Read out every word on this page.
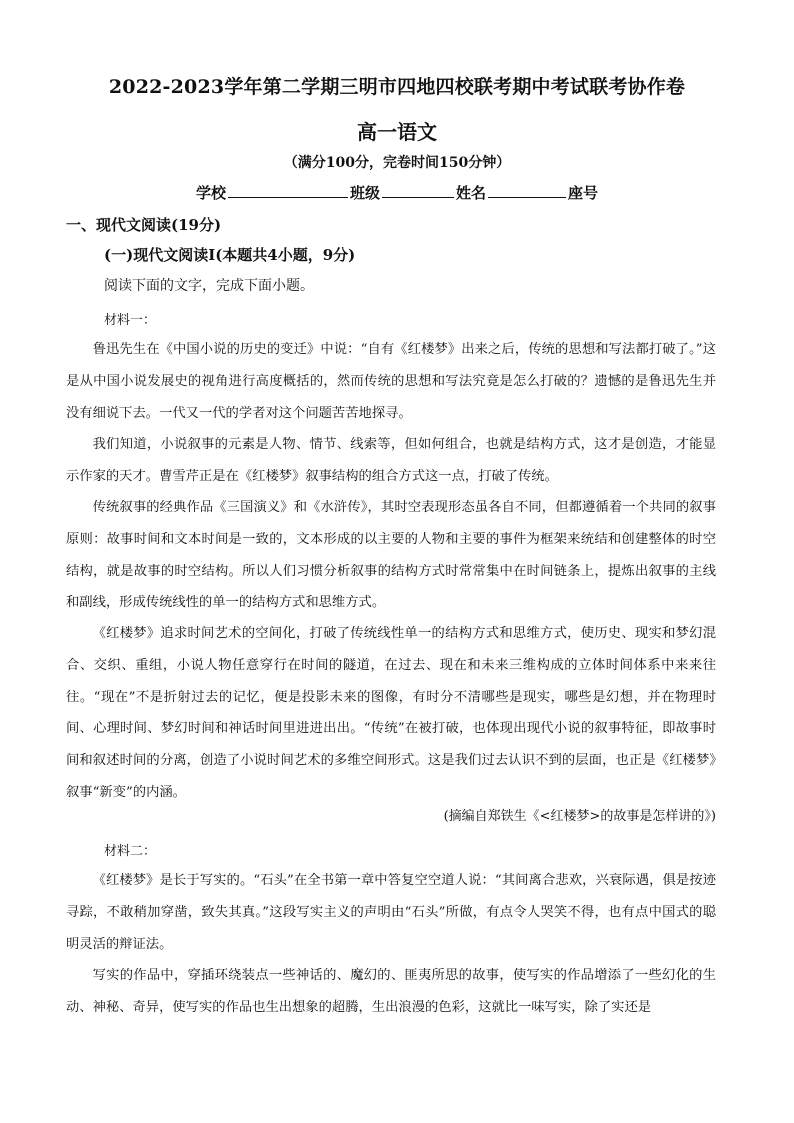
2022-2023学年第二学期三明市四地四校联考期中考试联考协作卷
高一语文
（满分100分，完卷时间150分钟）
学校	班级	姓名	座号
一、现代文阅读(19分)
(一)现代文阅读Ⅰ(本题共4小题，9分)
阅读下面的文字，完成下面小题。
材料一：

鲁迅先生在《中国小说的历史的变迁》中说：“自有《红楼梦》出来之后，传统的思想和写法都打破了。”这是从中国小说发展史的视角进行高度概括的，然而传统的思想和写法究竟是怎么打破的？遗憾的是鲁迅先生并没有细说下去。一代又一代的学者对这个问题苦苦地探寻。

我们知道，小说叙事的元素是人物、情节、线索等，但如何组合，也就是结构方式，这才是创造，才能显示作家的天才。曹雪芹正是在《红楼梦》叙事结构的组合方式这一点，打破了传统。

传统叙事的经典作品《三国演义》和《水浒传》，其时空表现形态虽各自不同，但都遵循着一个共同的叙事原则：故事时间和文本时间是一致的，文本形成的以主要的人物和主要的事件为框架来统结和创建整体的时空结构，就是故事的时空结构。所以人们习惯分析叙事的结构方式时常常集中在时间链条上，提炼出叙事的主线和副线，形成传统线性的单一的结构方式和思维方式。

《红楼梦》追求时间艺术的空间化，打破了传统线性单一的结构方式和思维方式，使历史、现实和梦幻混合、交织、重组，小说人物任意穿行在时间的隧道，在过去、现在和未来三维构成的立体时间体系中来来往往。“现在”不是折射过去的记忆，便是投影未来的图像，有时分不清哪些是现实，哪些是幻想，并在物理时间、心理时间、梦幻时间和神话时间里进进出出。“传统”在被打破，也体现出现代小说的叙事特征，即故事时间和叙述时间的分离，创造了小说时间艺术的多维空间形式。这是我们过去认识不到的层面，也正是《红楼梦》叙事“新变”的内涵。

(摘编自郑铁生《<红楼梦>的故事是怎样讲的》)
材料二：

《红楼梦》是长于写实的。“石头”在全书第一章中答复空空道人说：“其间离合悲欢，兴衰际遇，俱是按迹寻踪，不敢稍加穿凿，致失其真。”这段写实主义的声明由“石头”所做，有点令人哭笑不得，也有点中国式的聪明灵活的辩证法。

写实的作品中，穿插环绕装点一些神话的、魔幻的、匪夷所思的故事，使写实的作品增添了一些幻化的生动、神秘、奇异，使写实的作品也生出想象的超腾，生出浪漫的色彩，这就比一味写实，除了实还是
